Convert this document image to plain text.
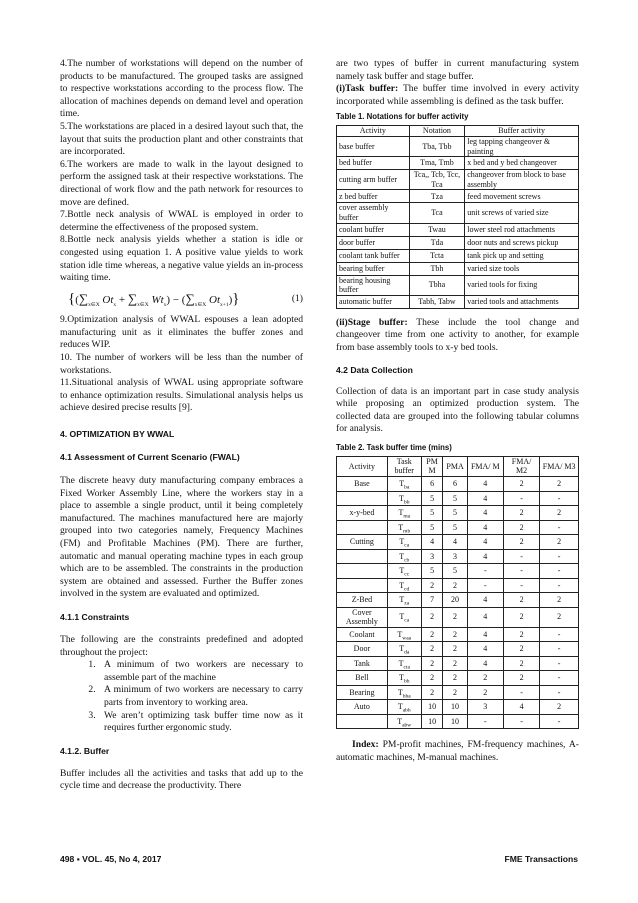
4.The number of workstations will depend on the number of products to be manufactured. The grouped tasks are assigned to respective workstations according to the process flow. The allocation of machines depends on demand level and operation time.

5.The workstations are placed in a desired layout such that, the layout that suits the production plant and other constraints that are incorporated.

6.The workers are made to walk in the layout designed to perform the assigned task at their respective workstations. The directional of work flow and the path network for resources to move are defined.

7.Bottle neck analysis of WWAL is employed in order to determine the effectiveness of the proposed system.

8.Bottle neck analysis yields whether a station is idle or congested using equation 1. A positive value yields to work station idle time whereas, a negative value yields an in-process waiting time.

{($\sum_{x\in X}$ $Ot_x + \sum_{x\in X}$ $Wt_x) - (\sum_{x\in X}$ $Ot_{x+1}$)}	(1)

9.Optimization analysis of WWAL espouses a lean adopted manufacturing unit as it eliminates the buffer zones and reduces WIP.

10. The number of workers will be less than the number of workstations.

11.Situational analysis of WWAL using appropriate software to enhance optimization results. Simulational analysis helps us achieve desired precise results [9].

4. OPTIMIZATION BY WWAL
4.1 Assessment of Current Scenario (FWAL)

The discrete heavy duty manufacturing company embraces a Fixed Worker Assembly Line, where the workers stay in a place to assemble a single product, until it being completely manufactured. The machines manufactured here are majorly grouped into two categories namely, Frequency Machines (FM) and Profitable Machines (PM). There are further, automatic and manual operating machine types in each group which are to be assembled. The constraints in the production system are obtained and assessed. Further the Buffer zones involved in the system are evaluated and optimized.

4.1.1 Constraints

The following are the constraints predefined and adopted throughout the project:

1. A minimum of two workers are necessary to assemble part of the machine
2. A minimum of two workers are necessary to carry parts from inventory to working area.
3. We aren’t optimizing task buffer time now as it requires further ergonomic study.
4.1.2. Buffer

Buffer includes all the activities and tasks that add up to the cycle time and decrease the productivity. There

are two types of buffer in current manufacturing system namely task buffer and stage buffer.

(i)Task buffer: The buffer time involved in every activity incorporated while assembling is defined as the task buffer.

Table 1. Notations for buffer activity
Activity	Notation	Buffer activity
base buffer	Tba, Tbb	leg tapping changeover & painting
bed buffer	Tma, Tmb	x bed and y bed changeover
cutting arm buffer	Tca,, Tcb, Tcc, Tca	changeover from block to base assembly
z bed buffer	Tza	feed movement screws
cover assembly buffer	Tca	unit screws of varied size
coolant buffer	Twau	lower steel rod attachments
door buffer	Tda	door nuts and screws pickup
coolant tank buffer	Tcta	tank pick up and setting
bearing buffer	Tbh	varied size tools
bearing housing buffer	Tbha	varied tools for fixing
automatic buffer	Tabh, Tabw	varied tools and attachments

(ii)Stage buffer: These include the tool change and changeover time from one activity to another, for example from base assembly tools to x-y bed tools.

4.2 Data Collection

Collection of data is an important part in case study analysis while proposing an optimized production system. The collected data are grouped into the following tabular columns for analysis.

Table 2. Task buffer time (mins)
Activity	Task buffer	PM M	PMA	FMA/ M	FMA/ M2	FMA/ M3
Base	$T_{ba}$	6	6	4	2	2
	$T_{bb}$	5	5	4	-	-
x-y-bed	$T_{ma}$	5	5	4	2	2
	$T_{mb}$	5	5	4	2	-
Cutting	$T_{ca}$	4	4	4	2	2
	$T_{cb}$	3	3	4	-	-
	$T_{cc}$	5	5	-	-	-
	$T_{cd}$	2	2	-	-	-
Z-Bed	$T_{za}$	7	20	4	2	2
Cover Assembly	$T_{ca}$	2	2	4	2	2
Coolant	$T_{waa}$	2	2	4	2	-
Door	$T_{da}$	2	2	4	2	-
Tank	$T_{cta}$	2	2	4	2	-
Bell	$T_{bh}$	2	2	2	2	-
Bearing	$T_{bha}$	2	2	2	-	-
Auto	$T_{abh}$	10	10	3	4	2
	$T_{abw}$	10	10	-	-	-

Index: PM-profit machines, FM-frequency machines, A-automatic machines, M-manual machines.

498 ▪ VOL. 45, No 4, 2017	FME Transactions
